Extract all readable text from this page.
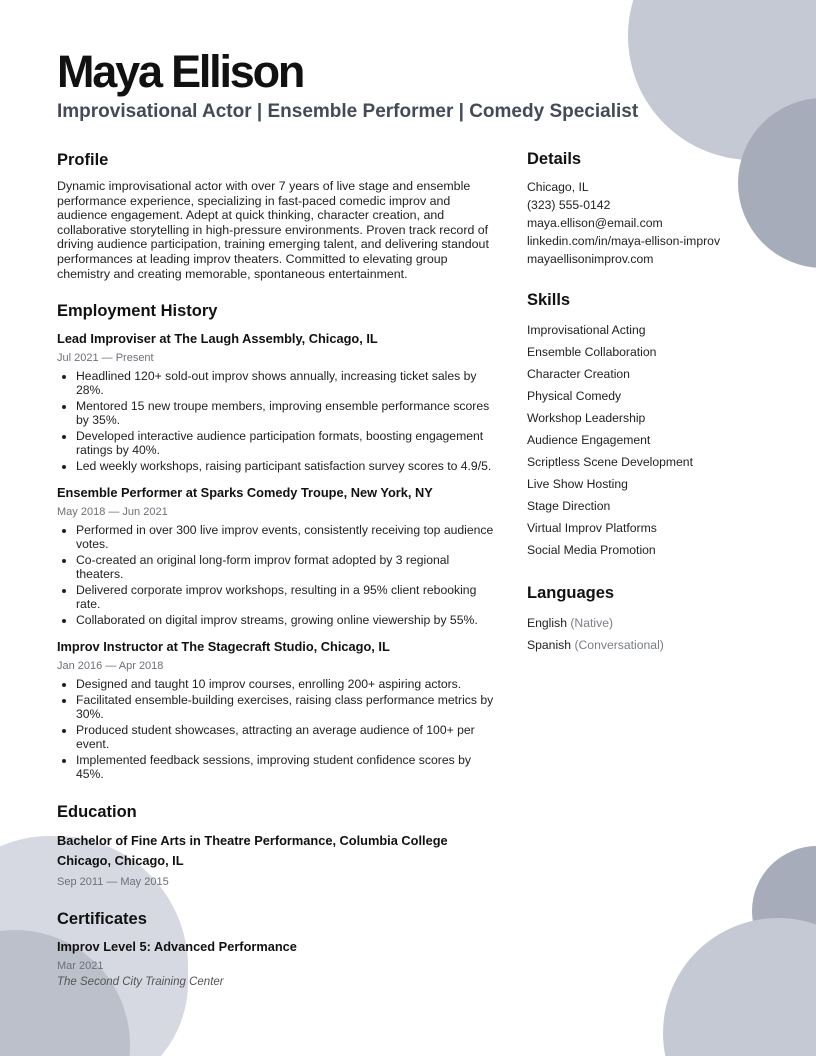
Maya Ellison
Improvisational Actor | Ensemble Performer | Comedy Specialist
Profile

Dynamic improvisational actor with over 7 years of live stage and ensemble performance experience, specializing in fast-paced comedic improv and audience engagement. Adept at quick thinking, character creation, and collaborative storytelling in high-pressure environments. Proven track record of driving audience participation, training emerging talent, and delivering standout performances at leading improv theaters. Committed to elevating group chemistry and creating memorable, spontaneous entertainment.

Employment History
Lead Improviser at The Laugh Assembly, Chicago, IL
Jul 2021 — Present
Headlined 120+ sold-out improv shows annually, increasing ticket sales by 28%.
Mentored 15 new troupe members, improving ensemble performance scores by 35%.
Developed interactive audience participation formats, boosting engagement ratings by 40%.
Led weekly workshops, raising participant satisfaction survey scores to 4.9/5.
Ensemble Performer at Sparks Comedy Troupe, New York, NY
May 2018 — Jun 2021
Performed in over 300 live improv events, consistently receiving top audience votes.
Co-created an original long-form improv format adopted by 3 regional theaters.
Delivered corporate improv workshops, resulting in a 95% client rebooking rate.
Collaborated on digital improv streams, growing online viewership by 55%.
Improv Instructor at The Stagecraft Studio, Chicago, IL
Jan 2016 — Apr 2018
Designed and taught 10 improv courses, enrolling 200+ aspiring actors.
Facilitated ensemble-building exercises, raising class performance metrics by 30%.
Produced student showcases, attracting an average audience of 100+ per event.
Implemented feedback sessions, improving student confidence scores by 45%.
Education
Bachelor of Fine Arts in Theatre Performance, Columbia College Chicago, Chicago, IL
Sep 2011 — May 2015
Certificates
Improv Level 5: Advanced Performance
Mar 2021
The Second City Training Center
Details
Chicago, IL
(323) 555-0142
maya.ellison@email.com
linkedin.com/in/maya-ellison-improv
mayaellisonimprov.com
Skills
Improvisational Acting
Ensemble Collaboration
Character Creation
Physical Comedy
Workshop Leadership
Audience Engagement
Scriptless Scene Development
Live Show Hosting
Stage Direction
Virtual Improv Platforms
Social Media Promotion
Languages
English (Native)
Spanish (Conversational)
